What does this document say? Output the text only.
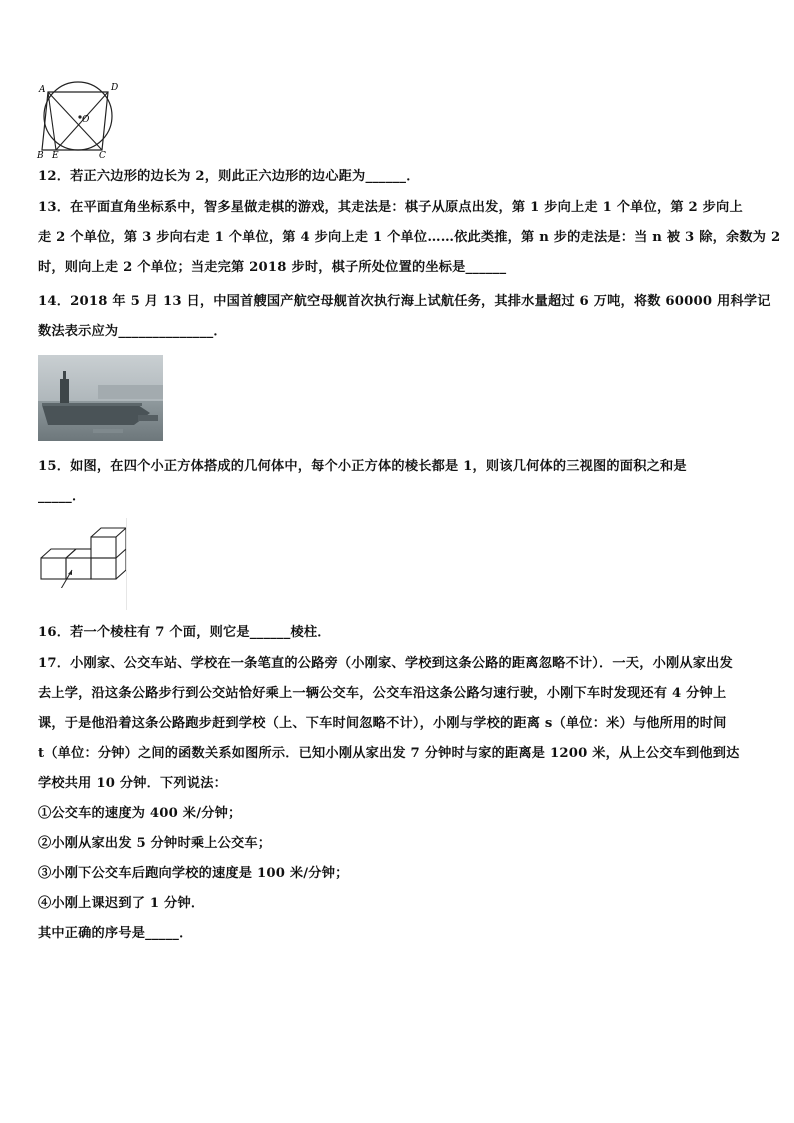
A	D
O
B E	C
12．若正六边形的边长为 2，则此正六边形的边心距为______．
13．在平面直角坐标系中，智多星做走棋的游戏，其走法是：棋子从原点出发，第 1 步向上走 1 个单位，第 2 步向上
走 2 个单位，第 3 步向右走 1 个单位，第 4 步向上走 1 个单位……依此类推，第 n 步的走法是：当 n 被 3 除，余数为 2
时，则向上走 2 个单位；当走完第 2018 步时，棋子所处位置的坐标是______
14．2018 年 5 月 13 日，中国首艘国产航空母舰首次执行海上试航任务，其排水量超过 6 万吨，将数 60000 用科学记
数法表示应为______________．
15．如图，在四个小正方体搭成的几何体中，每个小正方体的棱长都是 1，则该几何体的三视图的面积之和是
_____．
16．若一个棱柱有 7 个面，则它是______棱柱．
17．小刚家、公交车站、学校在一条笔直的公路旁（小刚家、学校到这条公路的距离忽略不计）．一天，小刚从家出发
去上学，沿这条公路步行到公交站恰好乘上一辆公交车，公交车沿这条公路匀速行驶，小刚下车时发现还有 4 分钟上
课，于是他沿着这条公路跑步赶到学校（上、下车时间忽略不计），小刚与学校的距离 s（单位：米）与他所用的时间
t（单位：分钟）之间的函数关系如图所示．已知小刚从家出发 7 分钟时与家的距离是 1200 米，从上公交车到他到达
学校共用 10 分钟．下列说法：
①公交车的速度为 400 米/分钟；
②小刚从家出发 5 分钟时乘上公交车；
③小刚下公交车后跑向学校的速度是 100 米/分钟；
④小刚上课迟到了 1 分钟．
其中正确的序号是_____．
